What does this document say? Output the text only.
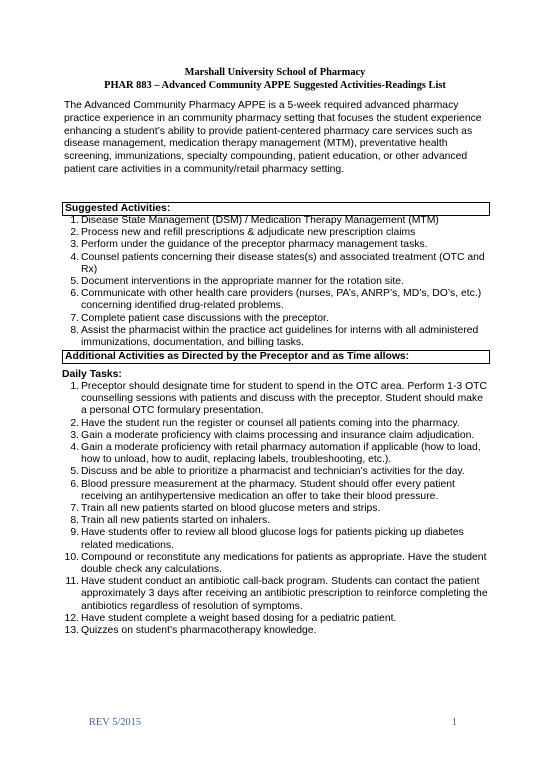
Marshall University School of Pharmacy
PHAR 883 – Advanced Community APPE Suggested Activities-Readings List
The Advanced Community Pharmacy APPE is a 5-week required advanced pharmacy practice experience in an community pharmacy setting that focuses the student experience enhancing a student’s ability to provide patient-centered pharmacy care services such as disease management, medication therapy management (MTM), preventative health screening, immunizations, specialty compounding, patient education, or other advanced patient care activities in a community/retail pharmacy setting.
Suggested Activities:
1. Disease State Management (DSM) / Medication Therapy Management (MTM)
2. Process new and refill prescriptions & adjudicate new prescription claims
3. Perform under the guidance of the preceptor pharmacy management tasks.
4. Counsel patients concerning their disease states(s) and associated treatment (OTC and Rx)
5. Document interventions in the appropriate manner for the rotation site.
6. Communicate with other health care providers (nurses, PA’s, ANRP’s, MD’s, DO’s, etc.) concerning identified drug-related problems.
7. Complete patient case discussions with the preceptor.
8. Assist the pharmacist within the practice act guidelines for interns with all administered immunizations, documentation, and billing tasks.
Additional Activities as Directed by the Preceptor and as Time allows:
Daily Tasks:
1. Preceptor should designate time for student to spend in the OTC area. Perform 1-3 OTC counselling sessions with patients and discuss with the preceptor. Student should make a personal OTC formulary presentation.
2. Have the student run the register or counsel all patients coming into the pharmacy.
3. Gain a moderate proficiency with claims processing and insurance claim adjudication.
4. Gain a moderate proficiency with retail pharmacy automation if applicable (how to load, how to unload, how to audit, replacing labels, troubleshooting, etc.).
5. Discuss and be able to prioritize a pharmacist and technician’s activities for the day.
6. Blood pressure measurement at the pharmacy. Student should offer every patient receiving an antihypertensive medication an offer to take their blood pressure.
7. Train all new patients started on blood glucose meters and strips.
8. Train all new patients started on inhalers.
9. Have students offer to review all blood glucose logs for patients picking up diabetes related medications.
10. Compound or reconstitute any medications for patients as appropriate. Have the student double check any calculations.
11. Have student conduct an antibiotic call-back program. Students can contact the patient approximately 3 days after receiving an antibiotic prescription to reinforce completing the antibiotics regardless of resolution of symptoms.
12. Have student complete a weight based dosing for a pediatric patient.
13. Quizzes on student’s pharmacotherapy knowledge.
REV 5/2015	1
